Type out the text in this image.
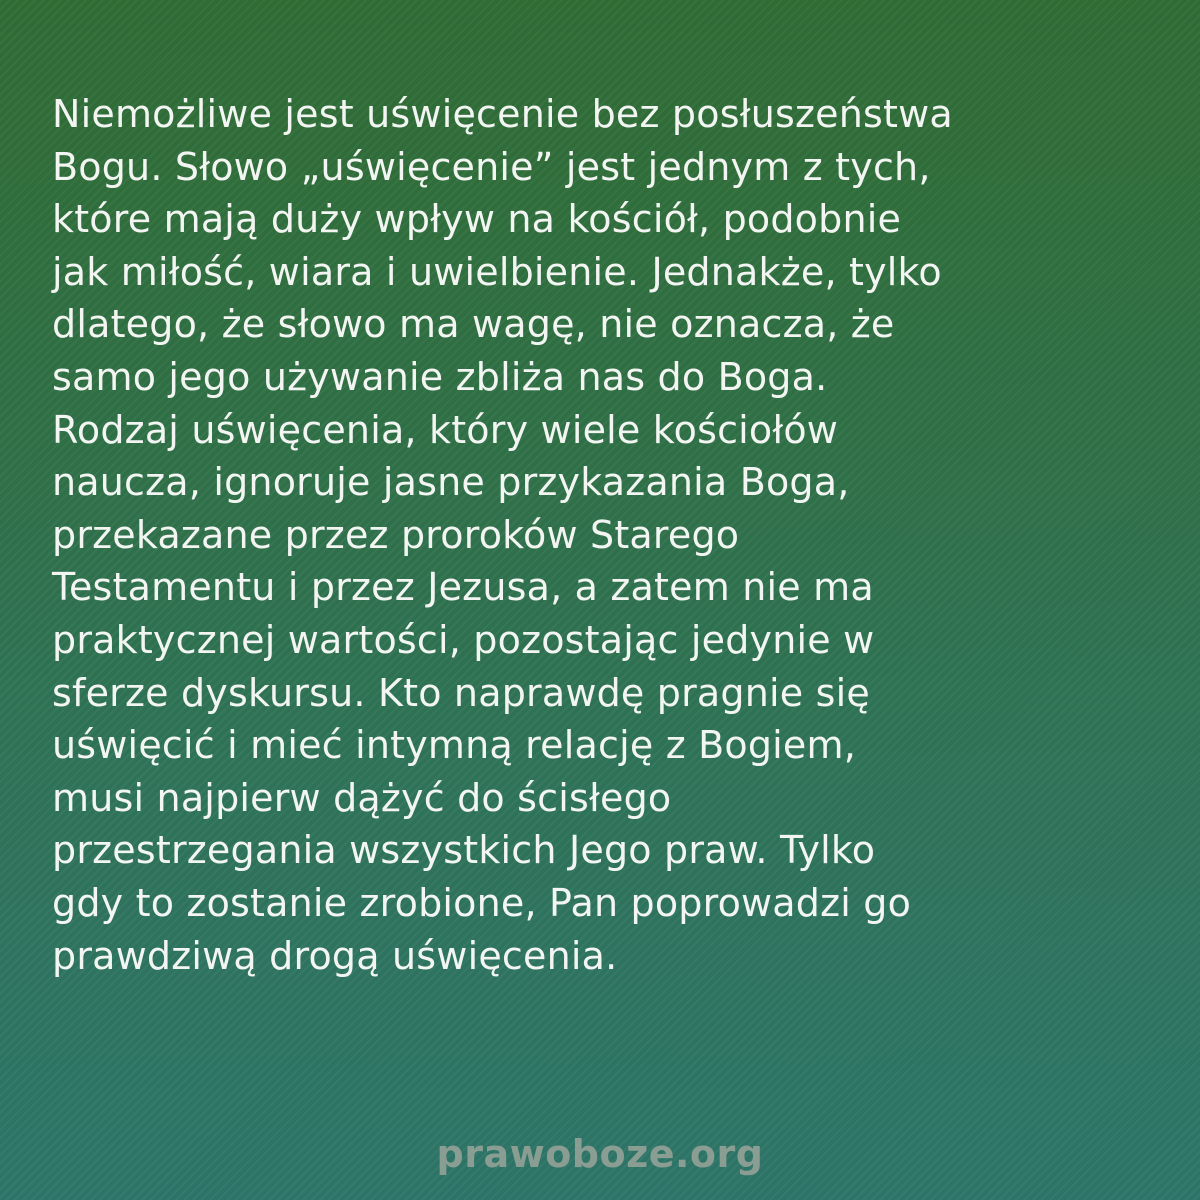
Niemożliwe jest uświęcenie bez posłuszeństwa
Bogu. Słowo „uświęcenie” jest jednym z tych,
które mają duży wpływ na kościół, podobnie
jak miłość, wiara i uwielbienie. Jednakże, tylko
dlatego, że słowo ma wagę, nie oznacza, że
samo jego używanie zbliża nas do Boga.
Rodzaj uświęcenia, który wiele kościołów
naucza, ignoruje jasne przykazania Boga,
przekazane przez proroków Starego
Testamentu i przez Jezusa, a zatem nie ma
praktycznej wartości, pozostając jedynie w
sferze dyskursu. Kto naprawdę pragnie się
uświęcić i mieć intymną relację z Bogiem,
musi najpierw dążyć do ścisłego
przestrzegania wszystkich Jego praw. Tylko
gdy to zostanie zrobione, Pan poprowadzi go
prawdziwą drogą uświęcenia.

prawoboze.org
